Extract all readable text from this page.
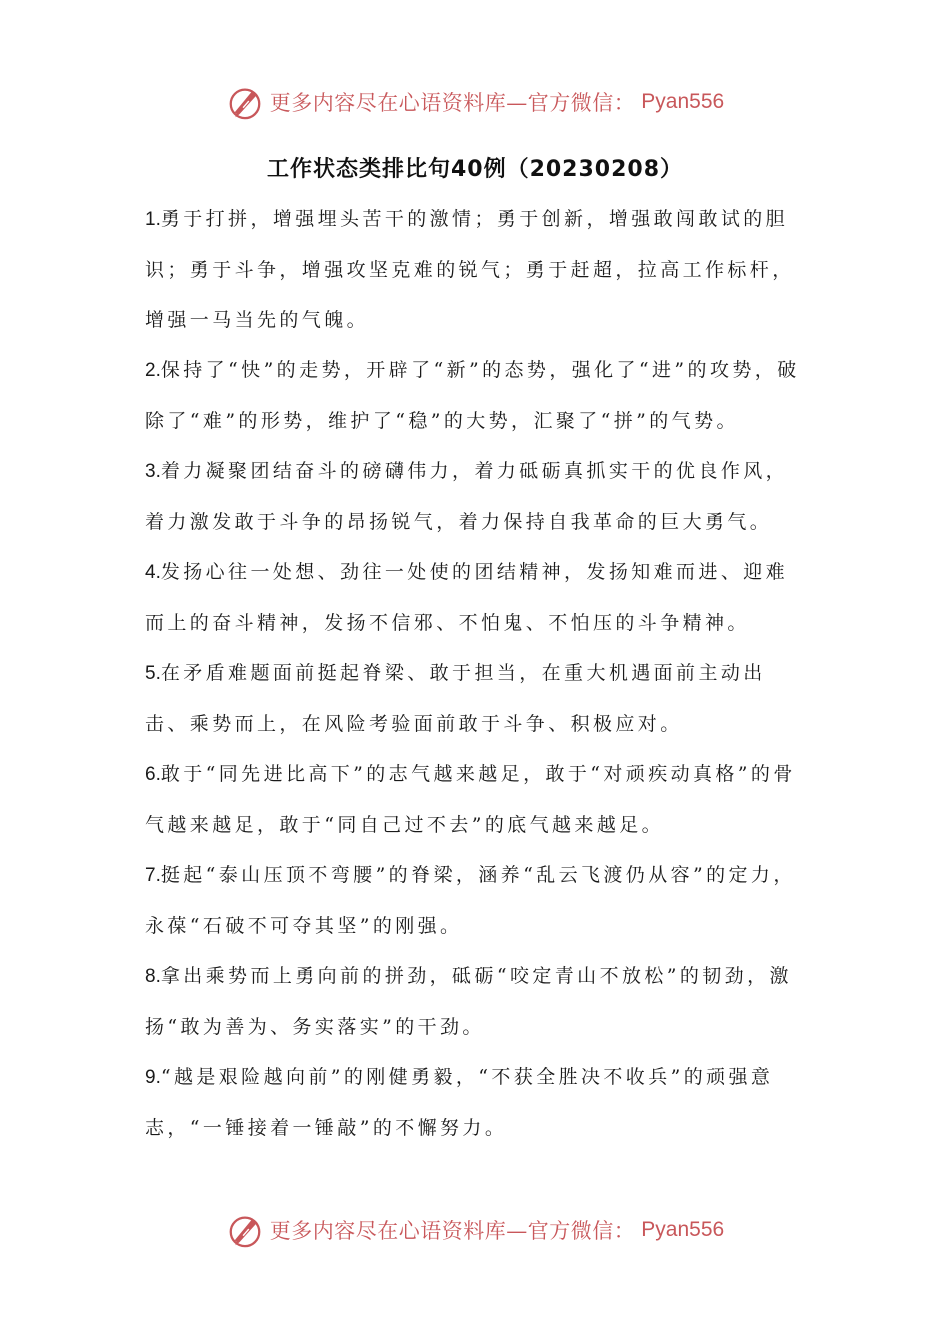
更多内容尽在心语资料库—官方微信： Pyan556
工作状态类排比句40例（20230208）

1.勇于打拼，增强埋头苦干的激情；勇于创新，增强敢闯敢试的胆识；勇于斗争，增强攻坚克难的锐气；勇于赶超，拉高工作标杆，增强一马当先的气魄。

2.保持了“快”的走势，开辟了“新”的态势，强化了“进”的攻势，破除了“难”的形势，维护了“稳”的大势，汇聚了“拼”的气势。

3.着力凝聚团结奋斗的磅礴伟力，着力砥砺真抓实干的优良作风，着力激发敢于斗争的昂扬锐气，着力保持自我革命的巨大勇气。

4.发扬心往一处想、劲往一处使的团结精神，发扬知难而进、迎难而上的奋斗精神，发扬不信邪、不怕鬼、不怕压的斗争精神。

5.在矛盾难题面前挺起脊梁、敢于担当，在重大机遇面前主动出击、乘势而上，在风险考验面前敢于斗争、积极应对。

6.敢于“同先进比高下”的志气越来越足，敢于“对顽疾动真格”的骨气越来越足，敢于“同自己过不去”的底气越来越足。

7.挺起“泰山压顶不弯腰”的脊梁，涵养“乱云飞渡仍从容”的定力，永葆“石破不可夺其坚”的刚强。

8.拿出乘势而上勇向前的拼劲，砥砺“咬定青山不放松”的韧劲，激扬“敢为善为、务实落实”的干劲。

9.“越是艰险越向前”的刚健勇毅，“不获全胜决不收兵”的顽强意志，“一锤接着一锤敲”的不懈努力。

更多内容尽在心语资料库—官方微信： Pyan556
